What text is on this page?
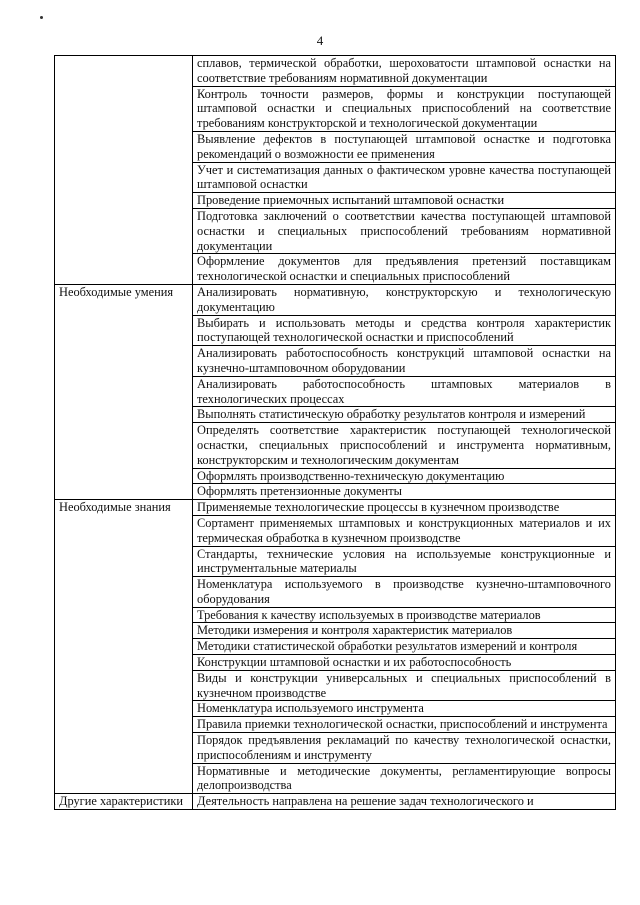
4
	сплавов, термической обработки, шероховатости штамповой оснастки на соответствие требованиям нормативной документации
	Контроль точности размеров, формы и конструкции поступающей штамповой оснастки и специальных приспособлений на соответствие требованиям конструкторской и технологической документации
	Выявление дефектов в поступающей штамповой оснастке и подготовка рекомендаций о возможности ее применения
	Учет и систематизация данных о фактическом уровне качества поступающей штамповой оснастки
	Проведение приемочных испытаний штамповой оснастки
	Подготовка заключений о соответствии качества поступающей штамповой оснастки и специальных приспособлений требованиям нормативной документации
	Оформление документов для предъявления претензий поставщикам технологической оснастки и специальных приспособлений
Необходимые умения	Анализировать нормативную, конструкторскую и технологическую документацию
	Выбирать и использовать методы и средства контроля характеристик поступающей технологической оснастки и приспособлений
	Анализировать работоспособность конструкций штамповой оснастки на кузнечно-штамповочном оборудовании
	Анализировать работоспособность штамповых материалов в технологических процессах
	Выполнять статистическую обработку результатов контроля и измерений
	Определять соответствие характеристик поступающей технологической оснастки, специальных приспособлений и инструмента нормативным, конструкторским и технологическим документам
	Оформлять производственно-техническую документацию
	Оформлять претензионные документы
Необходимые знания	Применяемые технологические процессы в кузнечном производстве
	Сортамент применяемых штамповых и конструкционных материалов и их термическая обработка в кузнечном производстве
	Стандарты, технические условия на используемые конструкционные и инструментальные материалы
	Номенклатура используемого в производстве кузнечно-штамповочного оборудования
	Требования к качеству используемых в производстве материалов
	Методики измерения и контроля характеристик материалов
	Методики статистической обработки результатов измерений и контроля
	Конструкции штамповой оснастки и их работоспособность
	Виды и конструкции универсальных и специальных приспособлений в кузнечном производстве
	Номенклатура используемого инструмента
	Правила приемки технологической оснастки, приспособлений и инструмента
	Порядок предъявления рекламаций по качеству технологической оснастки, приспособлениям и инструменту
	Нормативные и методические документы, регламентирующие вопросы делопроизводства
Другие характеристики	Деятельность направлена на решение задач технологического и
